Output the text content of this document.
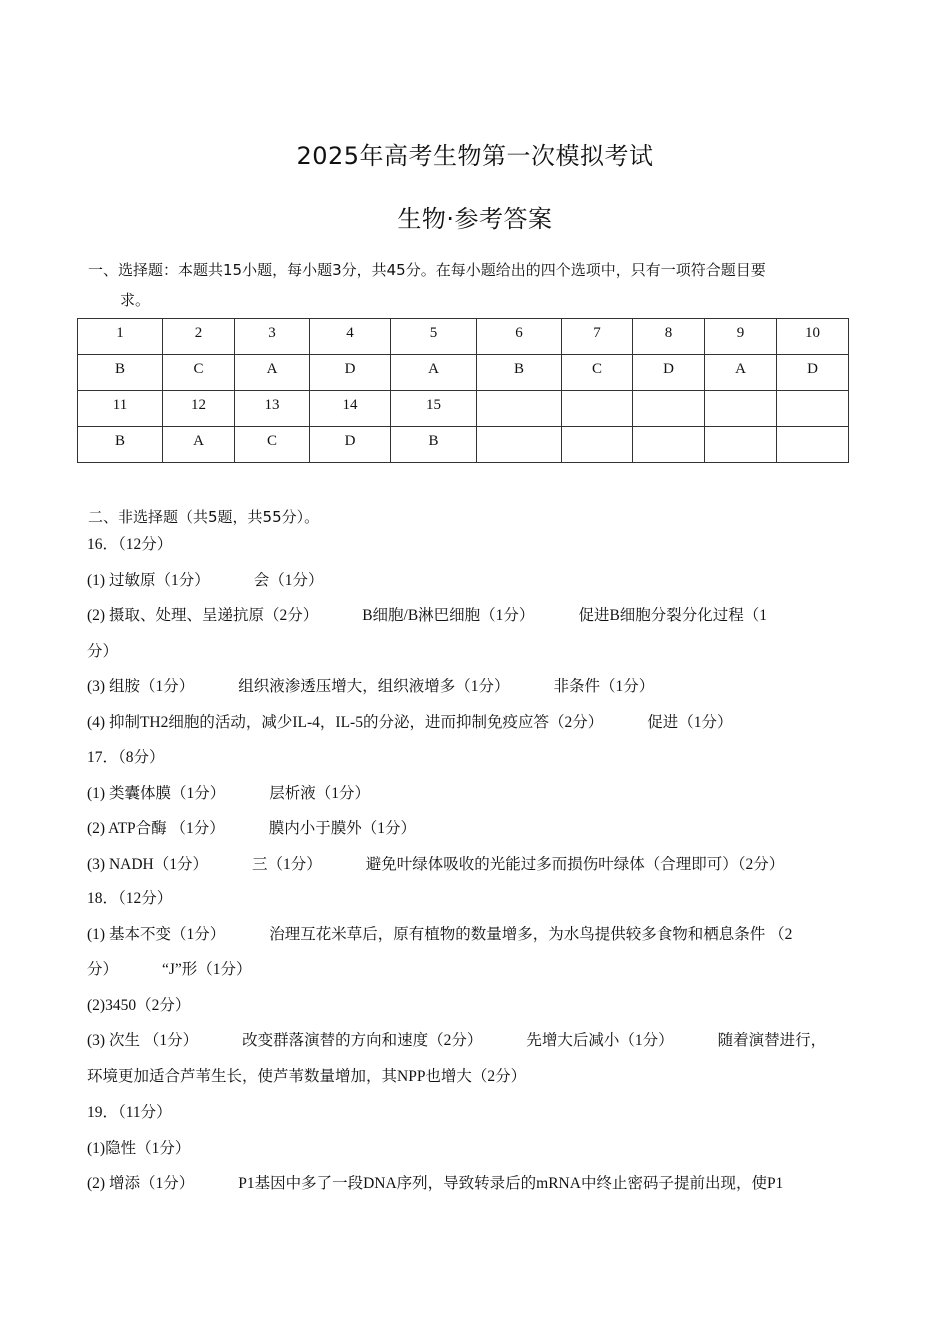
2025年高考生物第一次模拟考试
生物·参考答案
一、选择题：本题共15小题，每小题3分，共45分。在每小题给出的四个选项中，只有一项符合题目要
求。
1	2	3	4	5	6	7	8	9	10
B	C	A	D	A	B	C	D	A	D
11	12	13	14	15					
B	A	C	D	B					
二、非选择题（共5题，共55分）。
16．（12分）
(1) 过敏原（1分）	会（1分）
(2) 摄取、处理、呈递抗原（2分）	B细胞/B淋巴细胞（1分）	促进B细胞分裂分化过程（1
分）
(3) 组胺（1分）	组织液渗透压增大，组织液增多（1分）	非条件（1分）
(4) 抑制TH2细胞的活动，减少IL-4，IL-5的分泌，进而抑制免疫应答（2分）	促进（1分）
17．（8分）
(1) 类囊体膜（1分）	层析液（1分）
(2) ATP合酶 （1分）	膜内小于膜外（1分）
(3) NADH（1分）	三（1分）	避免叶绿体吸收的光能过多而损伤叶绿体（合理即可）（2分）
18．（12分）
(1) 基本不变（1分）	治理互花米草后，原有植物的数量增多，为水鸟提供较多食物和栖息条件 （2
分）	“J”形（1分）
(2)3450（2分）
(3) 次生 （1分）	改变群落演替的方向和速度（2分）	先增大后减小（1分）	随着演替进行，
环境更加适合芦苇生长，使芦苇数量增加，其NPP也增大（2分）
19．（11分）
(1)隐性（1分）
(2) 增添（1分）	P1基因中多了一段DNA序列，导致转录后的mRNA中终止密码子提前出现，使P1
